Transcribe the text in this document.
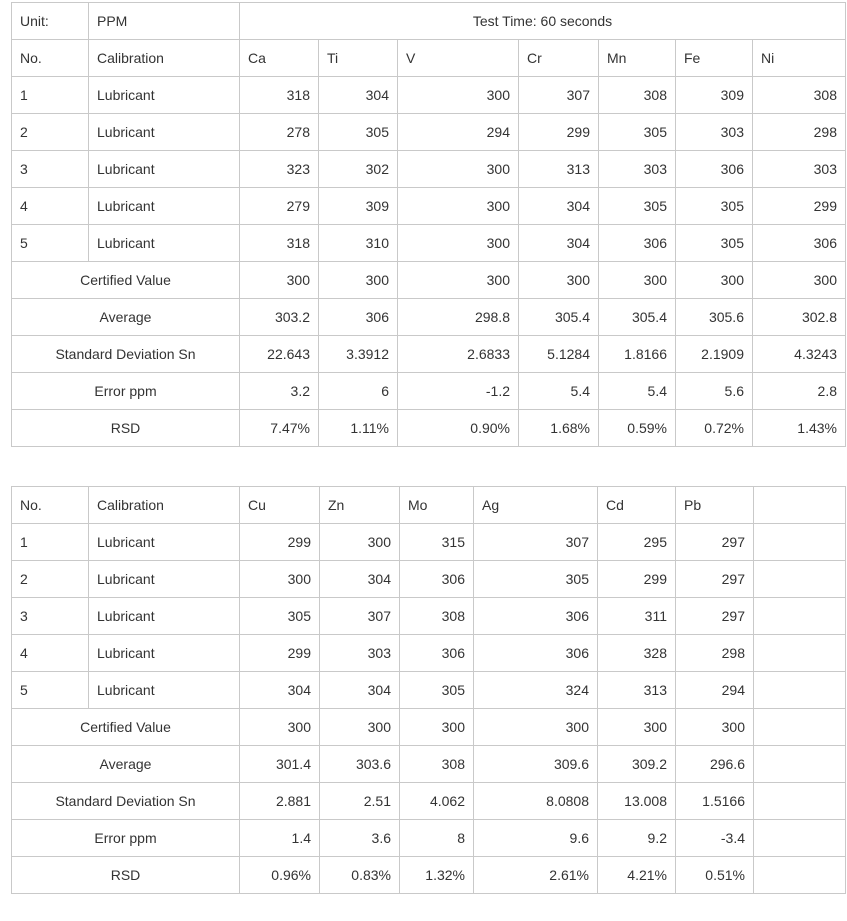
Unit:	PPM	Test Time: 60 seconds						
No.	Calibration	Ca	Ti	V	Cr	Mn	Fe	Ni
1	Lubricant	318	304	300	307	308	309	308
2	Lubricant	278	305	294	299	305	303	298
3	Lubricant	323	302	300	313	303	306	303
4	Lubricant	279	309	300	304	305	305	299
5	Lubricant	318	310	300	304	306	305	306
Certified Value		300	300	300	300	300	300	300
Average		303.2	306	298.8	305.4	305.4	305.6	302.8
Standard Deviation Sn		22.643	3.3912	2.6833	5.1284	1.8166	2.1909	4.3243
Error ppm		3.2	6	-1.2	5.4	5.4	5.6	2.8
RSD		7.47%	1.11%	0.90%	1.68%	0.59%	0.72%	1.43%
No.	Calibration	Cu	Zn	Mo	Ag	Cd	Pb	
1	Lubricant	299	300	315	307	295	297	
2	Lubricant	300	304	306	305	299	297	
3	Lubricant	305	307	308	306	311	297	
4	Lubricant	299	303	306	306	328	298	
5	Lubricant	304	304	305	324	313	294	
Certified Value		300	300	300	300	300	300	
Average		301.4	303.6	308	309.6	309.2	296.6	
Standard Deviation Sn		2.881	2.51	4.062	8.0808	13.008	1.5166	
Error ppm		1.4	3.6	8	9.6	9.2	-3.4	
RSD		0.96%	0.83%	1.32%	2.61%	4.21%	0.51%	
